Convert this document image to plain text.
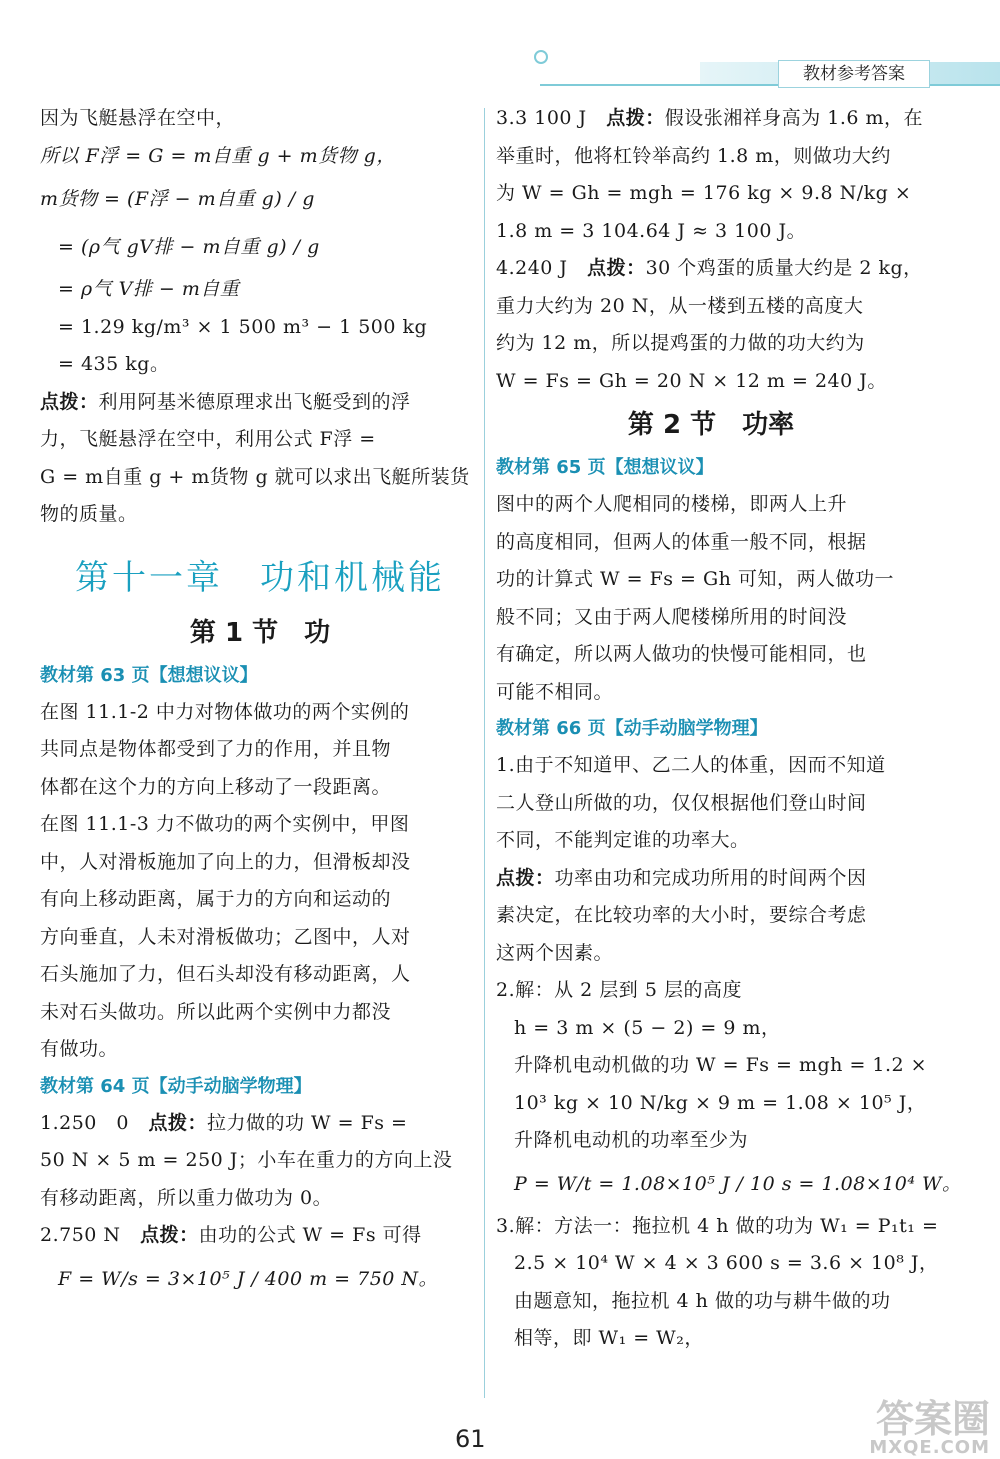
教材参考答案
因为飞艇悬浮在空中，
所以 F浮 = G = m自重 g + m货物 g，
m货物 = (F浮 − m自重 g) / g
= (ρ气 gV排 − m自重 g) / g
= ρ气 V排 − m自重
= 1.29 kg/m³ × 1 500 m³ − 1 500 kg
= 435 kg。
点拨：利用阿基米德原理求出飞艇受到的浮
力，飞艇悬浮在空中，利用公式 F浮 =
G = m自重 g + m货物 g 就可以求出飞艇所装货
物的质量。
第十一章　功和机械能
第 1 节　功
教材第 63 页【想想议议】
在图 11.1-2 中力对物体做功的两个实例的
共同点是物体都受到了力的作用，并且物
体都在这个力的方向上移动了一段距离。
在图 11.1-3 力不做功的两个实例中，甲图
中，人对滑板施加了向上的力，但滑板却没
有向上移动距离，属于力的方向和运动的
方向垂直，人未对滑板做功；乙图中，人对
石头施加了力，但石头却没有移动距离，人
未对石头做功。所以此两个实例中力都没
有做功。
教材第 64 页【动手动脑学物理】
1.250　0　点拨：拉力做的功 W = Fs =
50 N × 5 m = 250 J；小车在重力的方向上没
有移动距离，所以重力做功为 0。
2.750 N　点拨：由功的公式 W = Fs 可得
F = W/s = 3×10⁵ J / 400 m = 750 N。
3.3 100 J　点拨：假设张湘祥身高为 1.6 m，在
举重时，他将杠铃举高约 1.8 m，则做功大约
为 W = Gh = mgh = 176 kg × 9.8 N/kg ×
1.8 m = 3 104.64 J ≈ 3 100 J。
4.240 J　点拨：30 个鸡蛋的质量大约是 2 kg，
重力大约为 20 N，从一楼到五楼的高度大
约为 12 m，所以提鸡蛋的力做的功大约为
W = Fs = Gh = 20 N × 12 m = 240 J。
第 2 节　功率
教材第 65 页【想想议议】
图中的两个人爬相同的楼梯，即两人上升
的高度相同，但两人的体重一般不同，根据
功的计算式 W = Fs = Gh 可知，两人做功一
般不同；又由于两人爬楼梯所用的时间没
有确定，所以两人做功的快慢可能相同，也
可能不相同。
教材第 66 页【动手动脑学物理】
1.由于不知道甲、乙二人的体重，因而不知道
二人登山所做的功，仅仅根据他们登山时间
不同，不能判定谁的功率大。
点拨：功率由功和完成功所用的时间两个因
素决定，在比较功率的大小时，要综合考虑
这两个因素。
2.解：从 2 层到 5 层的高度
h = 3 m × (5 − 2) = 9 m，
升降机电动机做的功 W = Fs = mgh = 1.2 ×
10³ kg × 10 N/kg × 9 m = 1.08 × 10⁵ J，
升降机电动机的功率至少为
P = W/t = 1.08×10⁵ J / 10 s = 1.08×10⁴ W。
3.解：方法一：拖拉机 4 h 做的功为 W₁ = P₁t₁ =
2.5 × 10⁴ W × 4 × 3 600 s = 3.6 × 10⁸ J，
由题意知，拖拉机 4 h 做的功与耕牛做的功
相等，即 W₁ = W₂，
61	答案圈
MXQE.COM
